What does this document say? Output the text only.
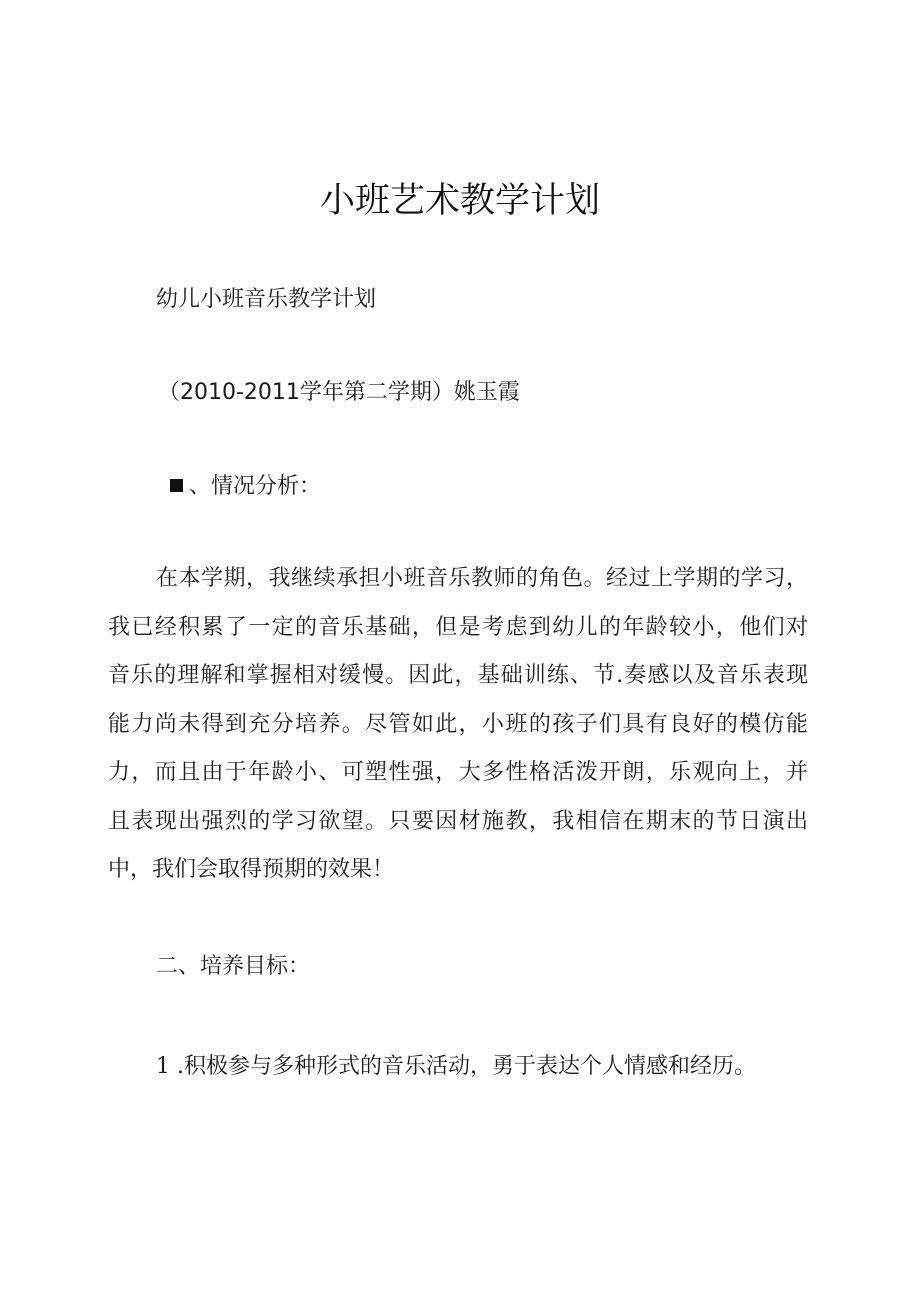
小班艺术教学计划
幼儿小班音乐教学计划
（2010-2011学年第二学期）姚玉霞
、情况分析：
在本学期，我继续承担小班音乐教师的角色。经过上学期的学习，
我已经积累了一定的音乐基础，但是考虑到幼儿的年龄较小，他们对
音乐的理解和掌握相对缓慢。因此，基础训练、节.奏感以及音乐表现
能力尚未得到充分培养。尽管如此，小班的孩子们具有良好的模仿能
力，而且由于年龄小、可塑性强，大多性格活泼开朗，乐观向上，并
且表现出强烈的学习欲望。只要因材施教，我相信在期末的节日演出
中，我们会取得预期的效果！
二、培养目标：
1 .积极参与多种形式的音乐活动，勇于表达个人情感和经历。
